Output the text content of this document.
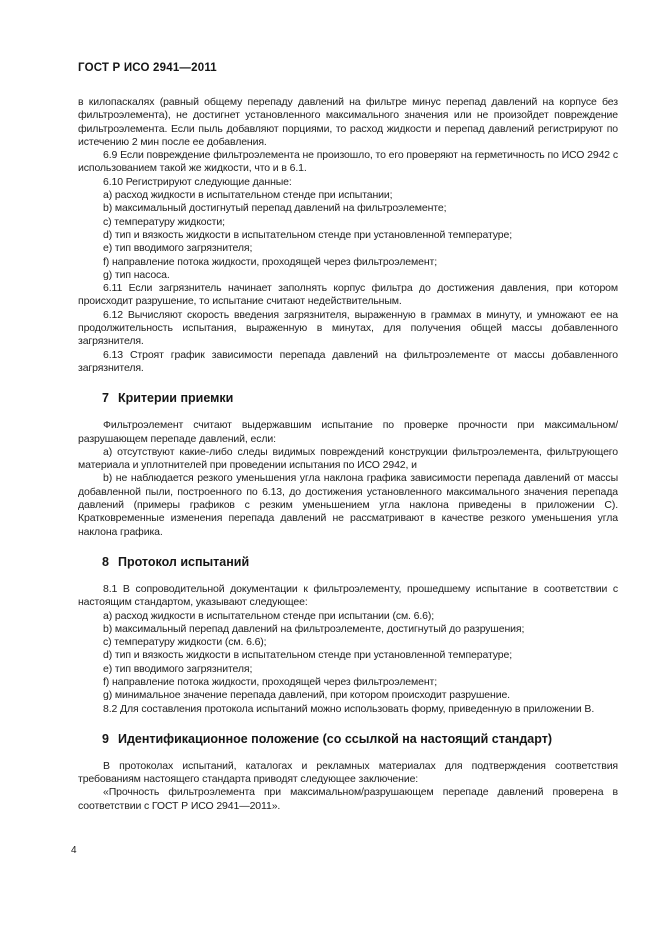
ГОСТ Р ИСО 2941—2011

в килопаскалях (равный общему перепаду давлений на фильтре минус перепад давлений на корпусе без фильтроэлемента), не достигнет установленного максимального значения или не произойдет повреждение фильтроэлемента. Если пыль добавляют порциями, то расход жидкости и перепад давлений регистрируют по истечению 2 мин после ее добавления.

6.9 Если повреждение фильтроэлемента не произошло, то его проверяют на герметичность по ИСО 2942 с использованием такой же жидкости, что и в 6.1.

6.10 Регистрируют следующие данные:

a) расход жидкости в испытательном стенде при испытании;

b) максимальный достигнутый перепад давлений на фильтроэлементе;

c) температуру жидкости;

d) тип и вязкость жидкости в испытательном стенде при установленной температуре;

e) тип вводимого загрязнителя;

f) направление потока жидкости, проходящей через фильтроэлемент;

g) тип насоса.

6.11 Если загрязнитель начинает заполнять корпус фильтра до достижения давления, при котором происходит разрушение, то испытание считают недействительным.

6.12 Вычисляют скорость введения загрязнителя, выраженную в граммах в минуту, и умножают ее на продолжительность испытания, выраженную в минутах, для получения общей массы добавленного загрязнителя.

6.13 Строят график зависимости перепада давлений на фильтроэлементе от массы добавленного загрязнителя.

7 Критерии приемки

Фильтроэлемент считают выдержавшим испытание по проверке прочности при максимальном/разрушающем перепаде давлений, если:

a) отсутствуют какие-либо следы видимых повреждений конструкции фильтроэлемента, фильтрующего материала и уплотнителей при проведении испытания по ИСО 2942, и

b) не наблюдается резкого уменьшения угла наклона графика зависимости перепада давлений от массы добавленной пыли, построенного по 6.13, до достижения установленного максимального значения перепада давлений (примеры графиков с резким уменьшением угла наклона приведены в приложении C). Кратковременные изменения перепада давлений не рассматривают в качестве резкого уменьшения угла наклона графика.

8 Протокол испытаний

8.1 В сопроводительной документации к фильтроэлементу, прошедшему испытание в соответствии с настоящим стандартом, указывают следующее:

a) расход жидкости в испытательном стенде при испытании (см. 6.6);

b) максимальный перепад давлений на фильтроэлементе, достигнутый до разрушения;

c) температуру жидкости (см. 6.6);

d) тип и вязкость жидкости в испытательном стенде при установленной температуре;

e) тип вводимого загрязнителя;

f) направление потока жидкости, проходящей через фильтроэлемент;

g) минимальное значение перепада давлений, при котором происходит разрушение.

8.2 Для составления протокола испытаний можно использовать форму, приведенную в приложении B.

9 Идентификационное положение (со ссылкой на настоящий стандарт)

В протоколах испытаний, каталогах и рекламных материалах для подтверждения соответствия требованиям настоящего стандарта приводят следующее заключение:

«Прочность фильтроэлемента при максимальном/разрушающем перепаде давлений проверена в соответствии с ГОСТ Р ИСО 2941—2011».

4
